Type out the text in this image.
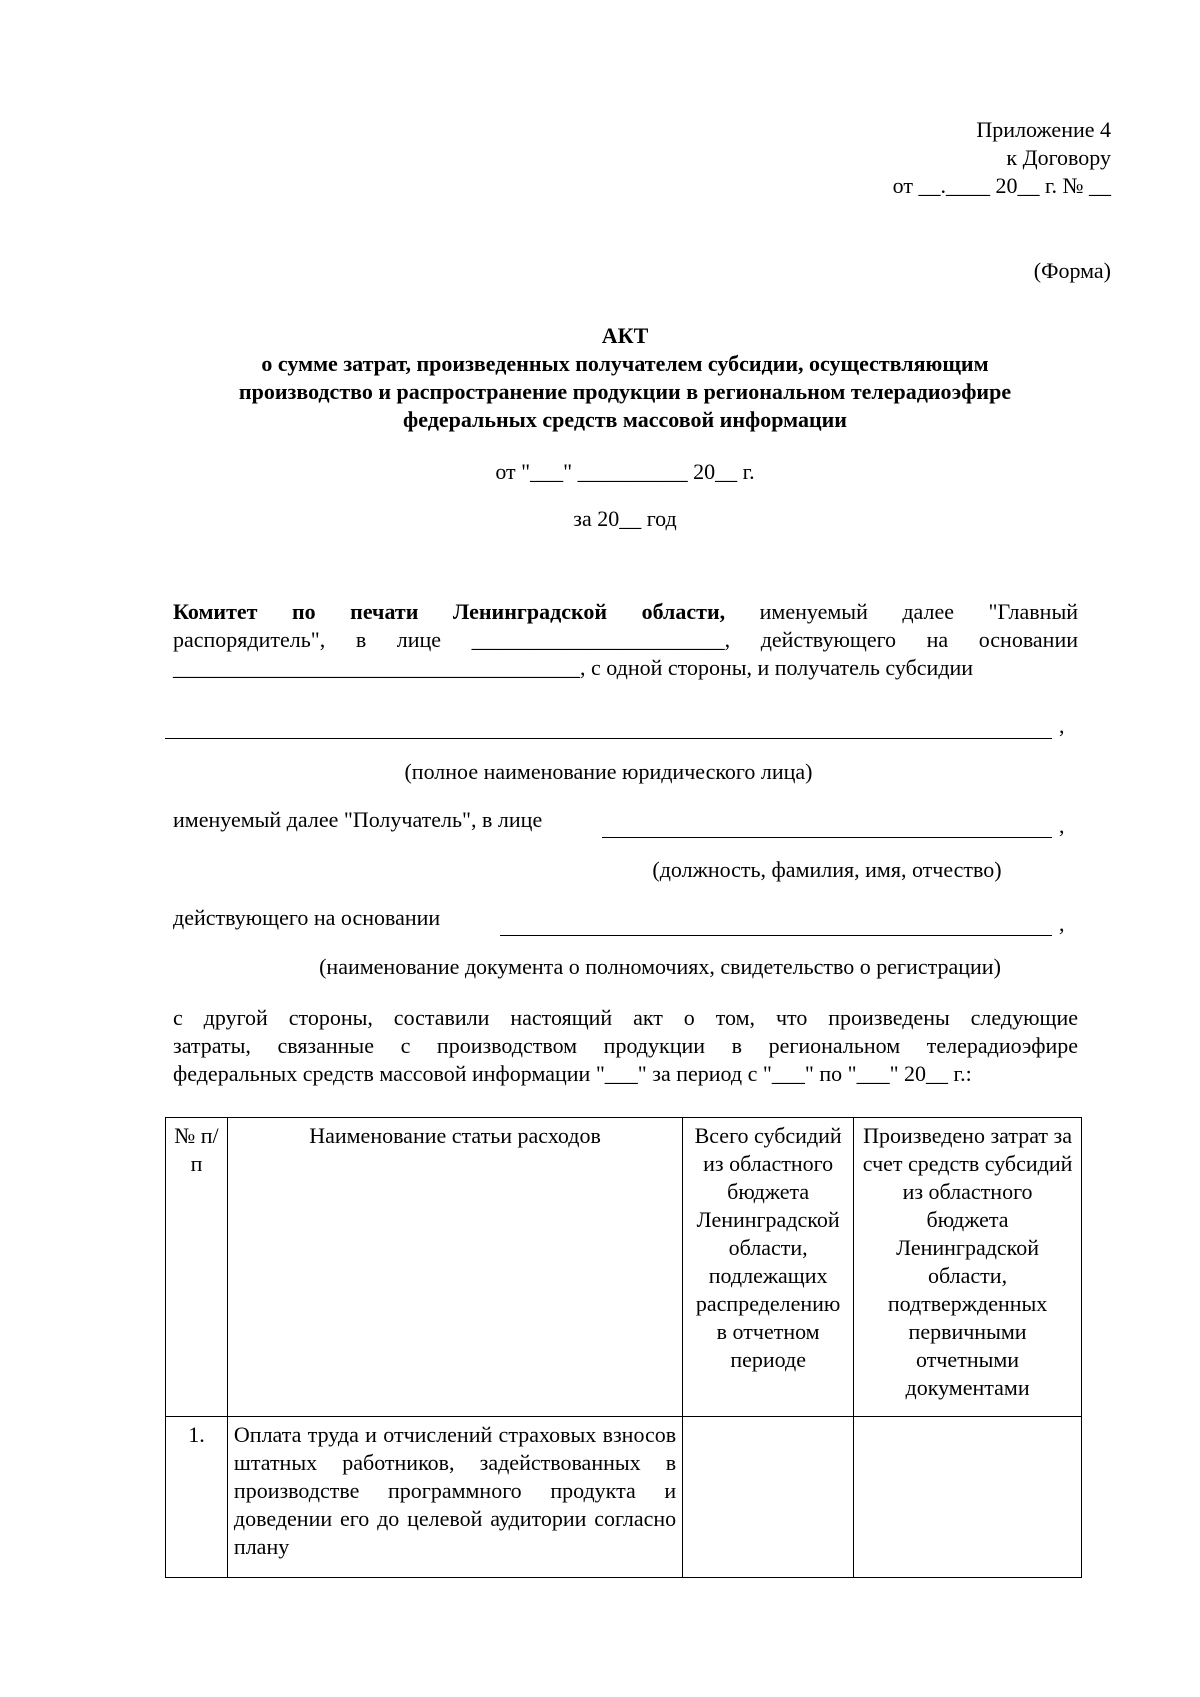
Приложение 4
к Договору
от __.____ 20__ г. № __
(Форма)
АКТ
о сумме затрат, произведенных получателем субсидии, осуществляющим
производство и распространение продукции в региональном телерадиоэфире
федеральных средств массовой информации
от "___" __________ 20__ г.
за 20__ год
Комитет по печати Ленинградской области, именуемый далее "Главный
распорядитель", в лице _______________________, действующего на основании
_____________________________________, с одной стороны, и получатель субсидии
,
(полное наименование юридического лица)
именуемый далее "Получатель", в лице	,
(должность, фамилия, имя, отчество)
действующего на основании	,
(наименование документа о полномочиях, свидетельство о регистрации)
с другой стороны, составили настоящий акт о том, что произведены следующие
затраты, связанные с производством продукции в региональном телерадиоэфире
федеральных средств массовой информации "___" за период с "___" по "___" 20__ г.:
№ п/п	Наименование статьи расходов	Всего субсидий из областного бюджета Ленинградской области, подлежащих распределению в отчетном периоде	Произведено затрат за счет средств субсидий из областного бюджета Ленинградской области, подтвержденных первичными отчетными документами
1.	Оплата труда и отчислений страховых взносов штатных работников, задействованных в производстве программного продукта и доведении его до целевой аудитории согласно плану		
